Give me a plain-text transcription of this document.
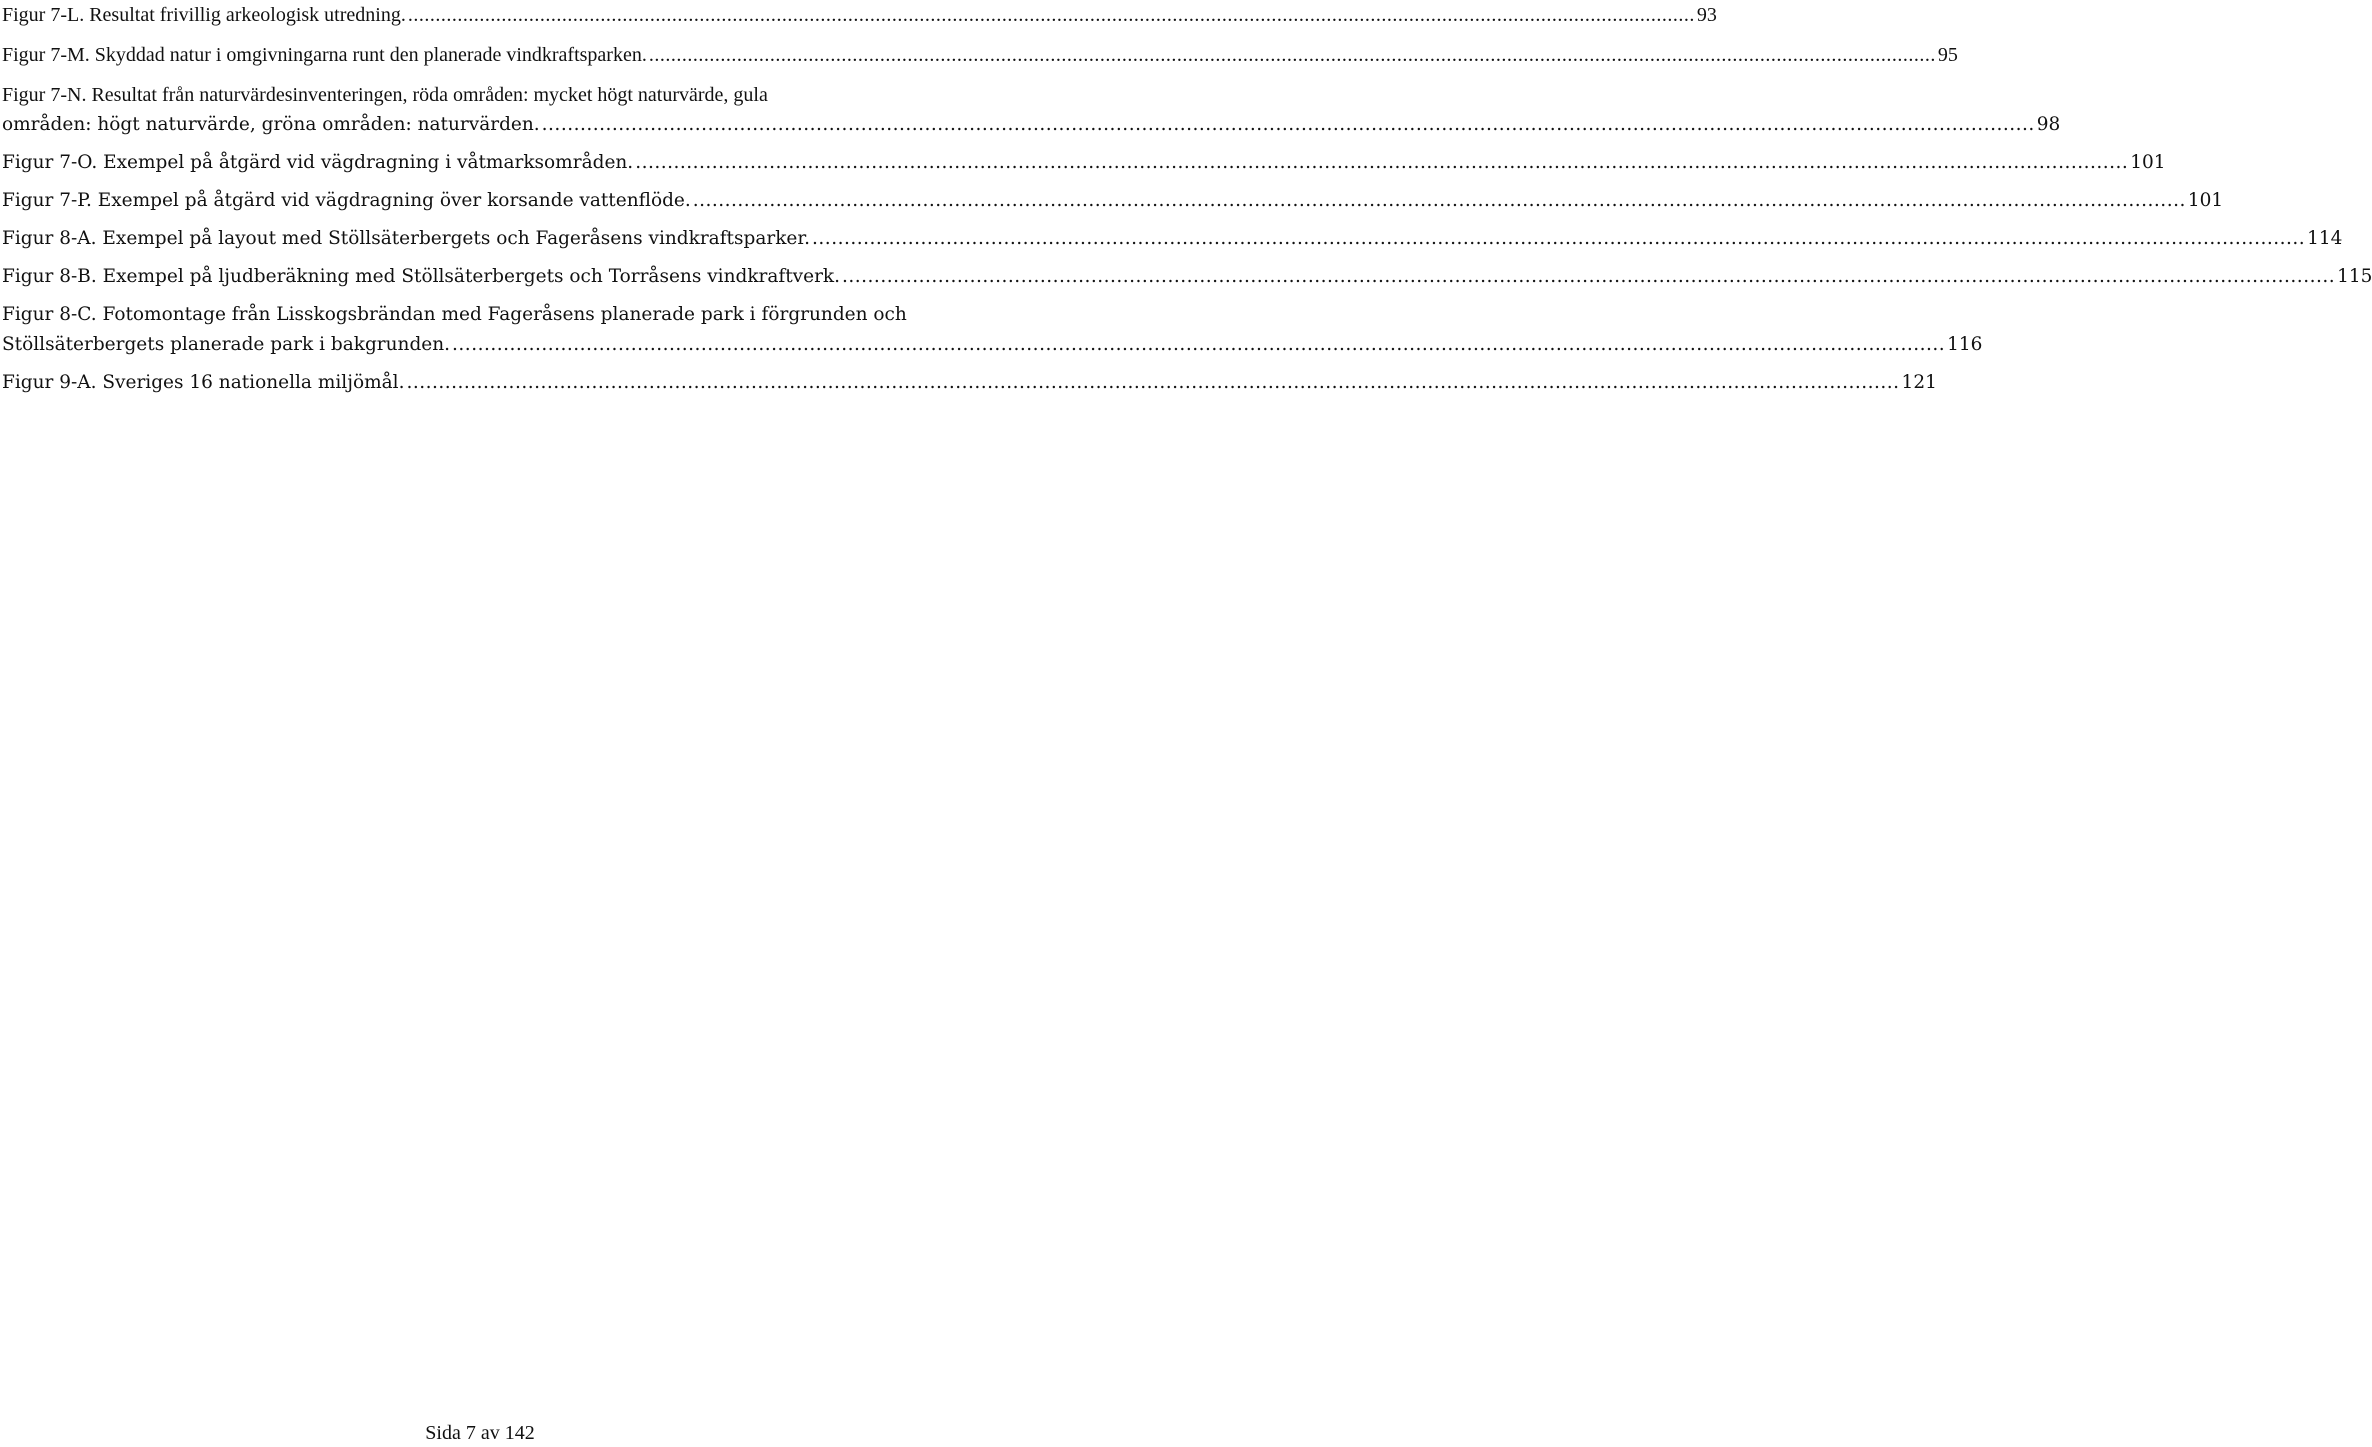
Figur 7-L. Resultat frivillig arkeologisk utredning. .....	93
Figur 7-M. Skyddad natur i omgivningarna runt den planerade vindkraftsparken. .....	95
Figur 7-N. Resultat från naturvärdesinventeringen, röda områden: mycket högt naturvärde, gula
områden: högt naturvärde, gröna områden: naturvärden. .....	98
Figur 7-O. Exempel på åtgärd vid vägdragning i våtmarksområden. .....	101
Figur 7-P. Exempel på åtgärd vid vägdragning över korsande vattenflöde. .....	101
Figur 8-A. Exempel på layout med Stöllsäterbergets och Fageråsens vindkraftsparker. .....	114
Figur 8-B. Exempel på ljudberäkning med Stöllsäterbergets och Torråsens vindkraftverk. .....	115
Figur 8-C. Fotomontage från Lisskogsbrändan med Fageråsens planerade park i förgrunden och
Stöllsäterbergets planerade park i bakgrunden. .....	116
Figur 9-A. Sveriges 16 nationella miljömål. .....	121
Sida 7 av 142
